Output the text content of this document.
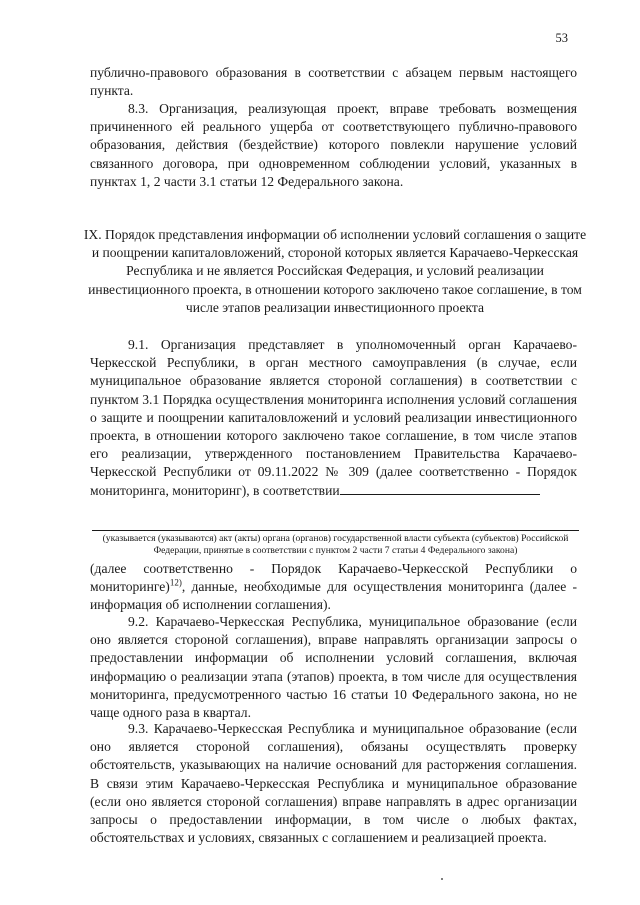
53

публично-правового образования в соответствии с абзацем первым настоящего пункта.

8.3. Организация, реализующая проект, вправе требовать возмещения причиненного ей реального ущерба от соответствующего публично-правового образования, действия (бездействие) которого повлекли нарушение условий связанного договора, при одновременном соблюдении условий, указанных в пунктах 1, 2 части 3.1 статьи 12 Федерального закона.

IX. Порядок представления информации об исполнении условий соглашения о защите и поощрении капиталовложений, стороной которых является Карачаево-Черкесская Республика и не является Российская Федерация, и условий реализации инвестиционного проекта, в отношении которого заключено такое соглашение, в том числе этапов реализации инвестиционного проекта

9.1. Организация представляет в уполномоченный орган Карачаево-Черкесской Республики, в орган местного самоуправления (в случае, если муниципальное образование является стороной соглашения) в соответствии с пунктом 3.1 Порядка осуществления мониторинга исполнения условий соглашения о защите и поощрении капиталовложений и условий реализации инвестиционного проекта, в отношении которого заключено такое соглашение, в том числе этапов его реализации, утвержденного постановлением Правительства Карачаево-Черкесской Республики от 09.11.2022 № 309 (далее соответственно - Порядок мониторинга, мониторинг), в соответствии

(указывается (указываются) акт (акты) органа (органов) государственной власти субъекта (субъектов) Российской Федерации, принятые в соответствии с пунктом 2 части 7 статьи 4 Федерального закона)

(далее соответственно - Порядок Карачаево-Черкесской Республики о мониторинге)$^{12)}$, данные, необходимые для осуществления мониторинга (далее - информация об исполнении соглашения).

9.2. Карачаево-Черкесская Республика, муниципальное образование (если оно является стороной соглашения), вправе направлять организации запросы о предоставлении информации об исполнении условий соглашения, включая информацию о реализации этапа (этапов) проекта, в том числе для осуществления мониторинга, предусмотренного частью 16 статьи 10 Федерального закона, но не чаще одного раза в квартал.

9.3. Карачаево-Черкесская Республика и муниципальное образование (если оно является стороной соглашения), обязаны осуществлять проверку обстоятельств, указывающих на наличие оснований для расторжения соглашения. В связи этим Карачаево-Черкесская Республика и муниципальное образование (если оно является стороной соглашения) вправе направлять в адрес организации запросы о предоставлении информации, в том числе о любых фактах, обстоятельствах и условиях, связанных с соглашением и реализацией проекта.
